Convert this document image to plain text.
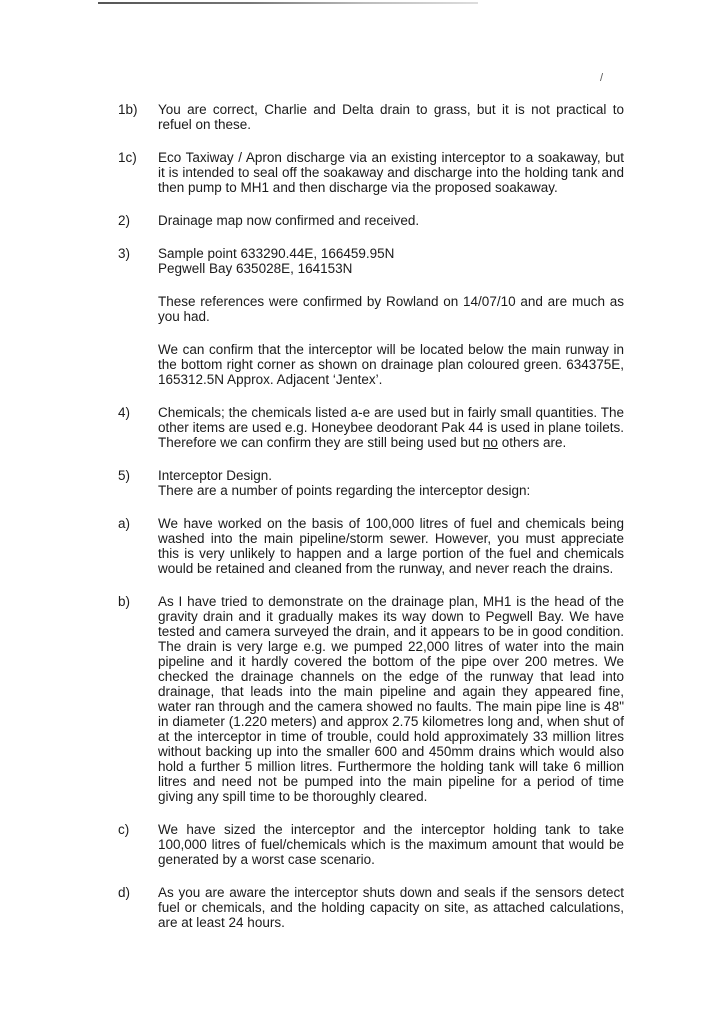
/
1b) You are correct, Charlie and Delta drain to grass, but it is not practical to refuel on these.

1c) Eco Taxiway / Apron discharge via an existing interceptor to a soakaway, but it is intended to seal off the soakaway and discharge into the holding tank and then pump to MH1 and then discharge via the proposed soakaway.

2) Drainage map now confirmed and received.

3) Sample point 633290.44E, 166459.95N
Pegwell Bay 635028E, 164153N

These references were confirmed by Rowland on 14/07/10 and are much as you had.

We can confirm that the interceptor will be located below the main runway in the bottom right corner as shown on drainage plan coloured green. 634375E, 165312.5N Approx. Adjacent ‘Jentex’.

4) Chemicals; the chemicals listed a-e are used but in fairly small quantities. The other items are used e.g. Honeybee deodorant Pak 44 is used in plane toilets. Therefore we can confirm they are still being used but no others are.

5) Interceptor Design.
There are a number of points regarding the interceptor design:

a) We have worked on the basis of 100,000 litres of fuel and chemicals being washed into the main pipeline/storm sewer. However, you must appreciate this is very unlikely to happen and a large portion of the fuel and chemicals would be retained and cleaned from the runway, and never reach the drains.

b) As I have tried to demonstrate on the drainage plan, MH1 is the head of the gravity drain and it gradually makes its way down to Pegwell Bay. We have tested and camera surveyed the drain, and it appears to be in good condition. The drain is very large e.g. we pumped 22,000 litres of water into the main pipeline and it hardly covered the bottom of the pipe over 200 metres. We checked the drainage channels on the edge of the runway that lead into drainage, that leads into the main pipeline and again they appeared fine, water ran through and the camera showed no faults. The main pipe line is 48" in diameter (1.220 meters) and approx 2.75 kilometres long and, when shut of at the interceptor in time of trouble, could hold approximately 33 million litres without backing up into the smaller 600 and 450mm drains which would also hold a further 5 million litres. Furthermore the holding tank will take 6 million litres and need not be pumped into the main pipeline for a period of time giving any spill time to be thoroughly cleared.

c) We have sized the interceptor and the interceptor holding tank to take 100,000 litres of fuel/chemicals which is the maximum amount that would be generated by a worst case scenario.

d) As you are aware the interceptor shuts down and seals if the sensors detect fuel or chemicals, and the holding capacity on site, as attached calculations, are at least 24 hours.
